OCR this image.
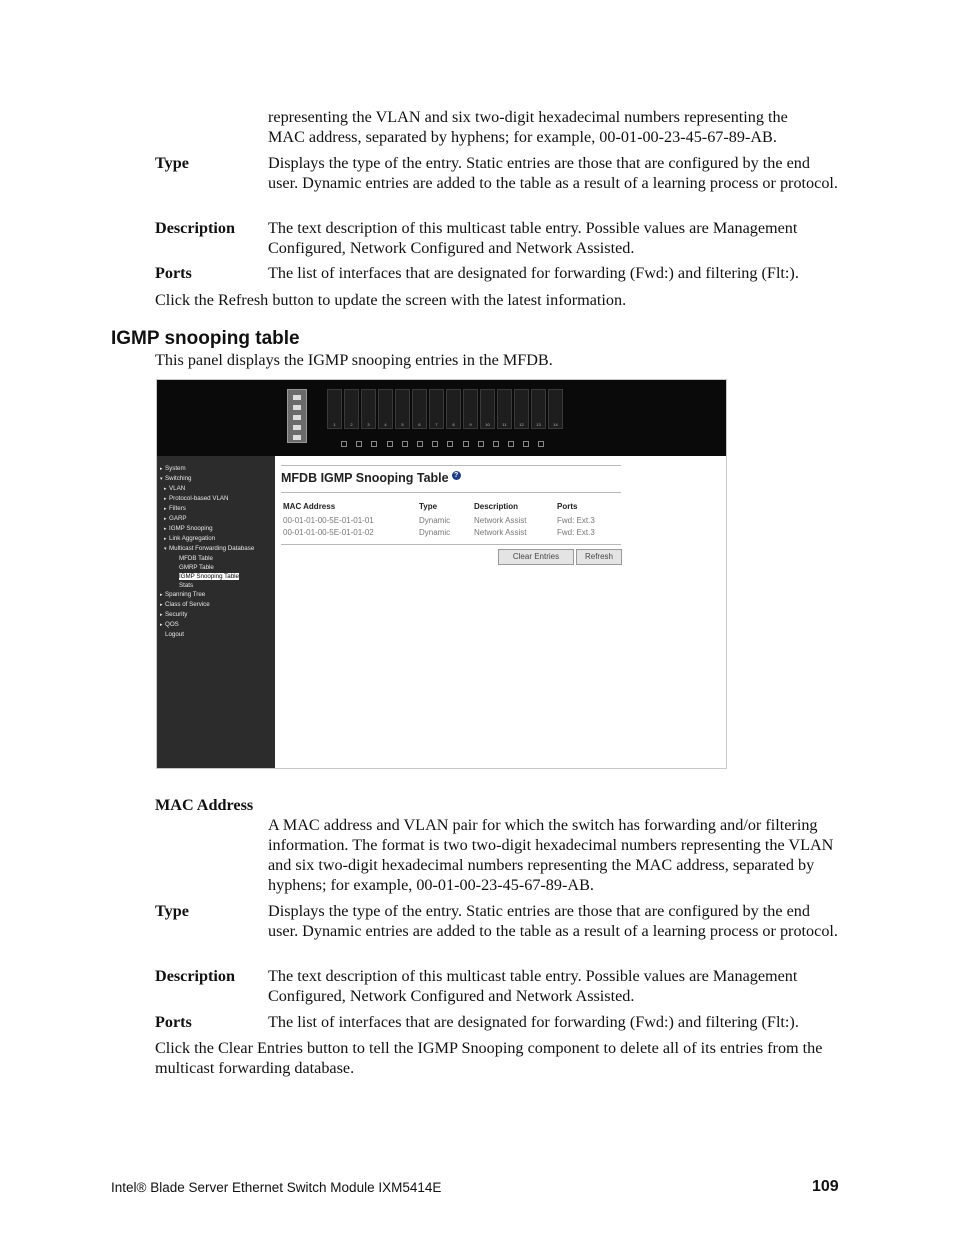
representing the VLAN and six two-digit hexadecimal numbers representing the
MAC address, separated by hyphens; for example, 00-01-00-23-45-67-89-AB.
Type	Displays the type of the entry. Static entries are those that are configured by the end user. Dynamic entries are added to the table as a result of a learning process or protocol.
Description The text description of this multicast table entry. Possible values are Management Configured, Network Configured and Network Assisted.
Ports	The list of interfaces that are designated for forwarding (Fwd:) and filtering (Flt:).
Click the Refresh button to update the screen with the latest information.
IGMP snooping table
This panel displays the IGMP snooping entries in the MFDB.
1	2	3	4	5	6	7	8	9	10	11	12	13	14
▸ System
▾ Switching
▸ VLAN
▸ Protocol-based VLAN
▸ Filters
▸ GARP
▸ IGMP Snooping
▸ Link Aggregation
▾ Multicast Forwarding Database
MFDB Table
GMRP Table
IGMP Snooping Table
Stats
▸ Spanning Tree
▸ Class of Service
▸ Security
▸ QOS
Logout
MFDB IGMP Snooping Table ?
MAC Address	Type	Description	Ports
00-01-01-00-5E-01-01-01	Dynamic	Network Assist	Fwd: Ext.3
00-01-01-00-5E-01-01-02	Dynamic	Network Assist	Fwd: Ext.3
Clear Entries	Refresh
MAC Address
A MAC address and VLAN pair for which the switch has forwarding and/or filtering information. The format is two two-digit hexadecimal numbers representing the VLAN and six two-digit hexadecimal numbers representing the MAC address, separated by hyphens; for example, 00-01-00-23-45-67-89-AB.
Type	Displays the type of the entry. Static entries are those that are configured by the end user. Dynamic entries are added to the table as a result of a learning process or protocol.
Description The text description of this multicast table entry. Possible values are Management Configured, Network Configured and Network Assisted.
Ports	The list of interfaces that are designated for forwarding (Fwd:) and filtering (Flt:).
Click the Clear Entries button to tell the IGMP Snooping component to delete all of its entries from the multicast forwarding database.
Intel® Blade Server Ethernet Switch Module IXM5414E	109
